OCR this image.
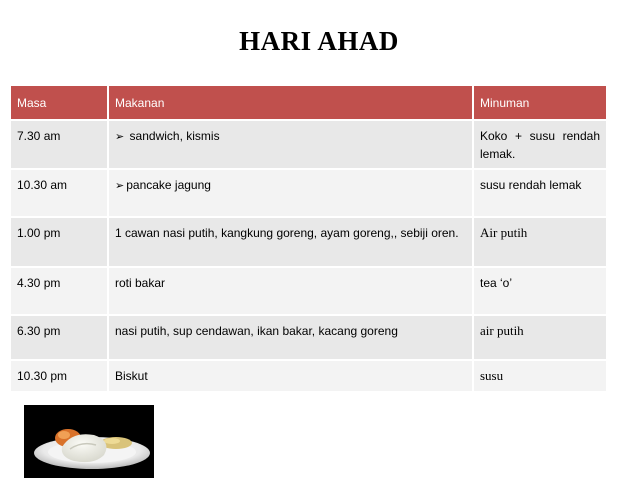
HARI AHAD
Masa	Makanan	Minuman
7.30 am	➢ sandwich, kismis	Koko + susu rendah lemak.
10.30 am	➢ pancake jagung	susu rendah lemak
1.00 pm	1 cawan nasi putih, kangkung goreng, ayam goreng,, sebiji oren.	Air putih
4.30 pm	roti bakar	tea ‘o’
6.30 pm	nasi putih, sup cendawan, ikan bakar, kacang goreng	air putih
10.30 pm	Biskut	susu
